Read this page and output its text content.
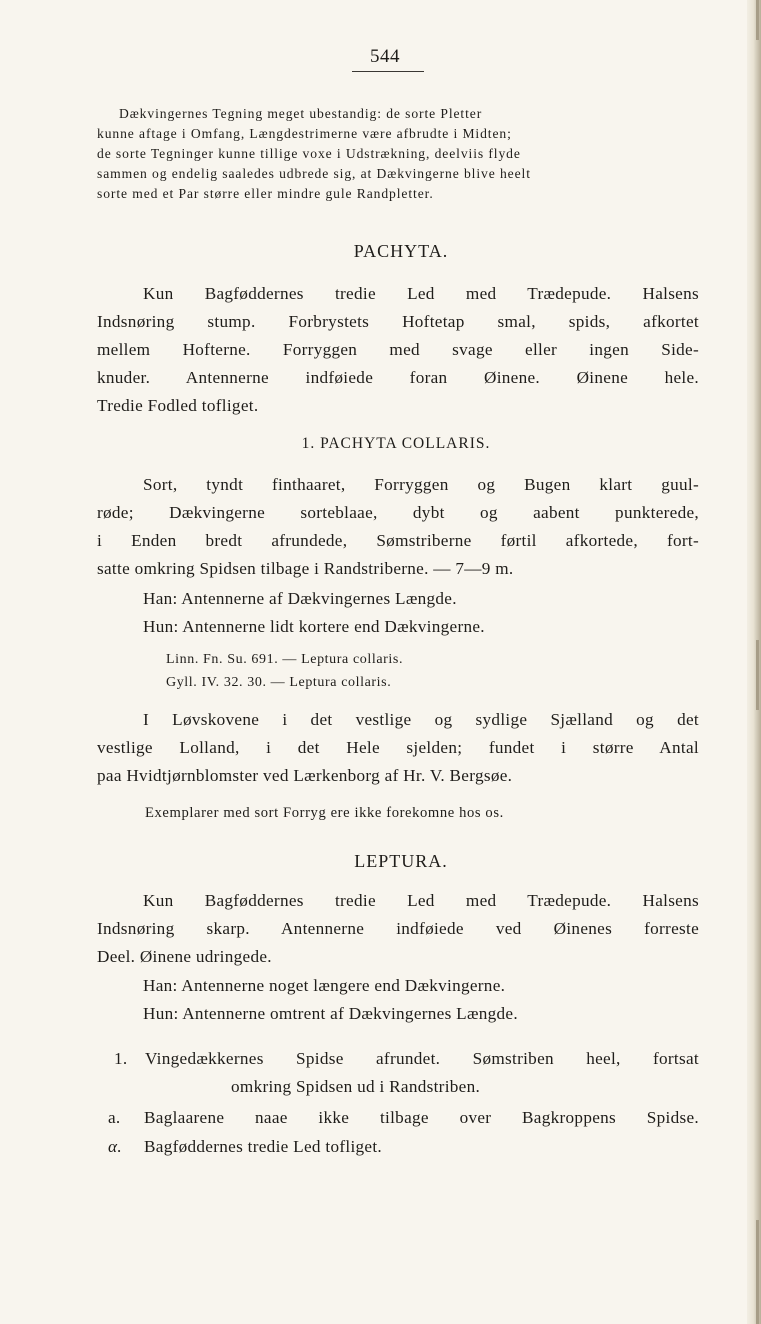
544
Dækvingernes Tegning meget ubestandig: de sorte Pletter
kunne aftage i Omfang, Længdestrimerne være afbrudte i Midten;
de sorte Tegninger kunne tillige voxe i Udstrækning, deelviis flyde
sammen og endelig saaledes udbrede sig, at Dækvingerne blive heelt
sorte med et Par større eller mindre gule Randpletter.
PACHYTA.
Kun Bagføddernes tredie Led med Trædepude. Halsens
Indsnøring stump. Forbrystets Hoftetap smal, spids, afkortet
mellem Hofterne. Forryggen med svage eller ingen Side-
knuder. Antennerne indføiede foran Øinene. Øinene hele.
Tredie Fodled tofliget.
1. PACHYTA COLLARIS.
Sort, tyndt finthaaret, Forryggen og Bugen klart guul-
røde; Dækvingerne sorteblaae, dybt og aabent punkterede,
i Enden bredt afrundede, Sømstriberne førtil afkortede, fort-
satte omkring Spidsen tilbage i Randstriberne. — 7—9 m.
Han: Antennerne af Dækvingernes Længde.
Hun: Antennerne lidt kortere end Dækvingerne.
Linn. Fn. Su. 691. — Leptura collaris.
Gyll. IV. 32. 30. — Leptura collaris.
I Løvskovene i det vestlige og sydlige Sjælland og det
vestlige Lolland, i det Hele sjelden; fundet i større Antal
paa Hvidtjørnblomster ved Lærkenborg af Hr. V. Bergsøe.
Exemplarer med sort Forryg ere ikke forekomne hos os.
LEPTURA.
Kun Bagføddernes tredie Led med Trædepude. Halsens
Indsnøring skarp. Antennerne indføiede ved Øinenes forreste
Deel. Øinene udringede.
Han: Antennerne noget længere end Dækvingerne.
Hun: Antennerne omtrent af Dækvingernes Længde.
1.	Vingedækkernes Spidse afrundet. Sømstriben heel, fortsat
omkring Spidsen ud i Randstriben.
a.	Baglaarene naae ikke tilbage over Bagkroppens Spidse.
α.	Bagføddernes tredie Led tofliget.
